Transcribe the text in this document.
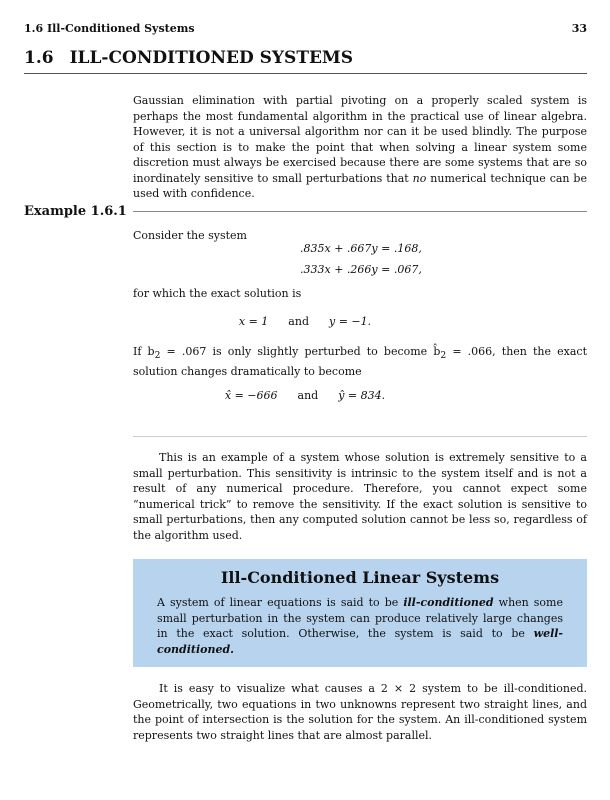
1.6 Ill-Conditioned Systems	33
1.6 ILL-CONDITIONED SYSTEMS
Gaussian elimination with partial pivoting on a properly scaled system is perhaps the most fundamental algorithm in the practical use of linear algebra. However, it is not a universal algorithm nor can it be used blindly. The purpose of this section is to make the point that when solving a linear system some discretion must always be exercised because there are some systems that are so inordinately sensitive to small perturbations that no numerical technique can be used with confidence.
Example 1.6.1
Consider the system
.835x + .667y = .168,
.333x + .266y = .067,
for which the exact solution is
x = 1 and y = −1.
If $b_2 = .067$ is only slightly perturbed to become $b̂_2 = .066$, then the exact solution changes dramatically to become
x̂ = −666 and ŷ = 834.
This is an example of a system whose solution is extremely sensitive to a small perturbation. This sensitivity is intrinsic to the system itself and is not a result of any numerical procedure. Therefore, you cannot expect some “numerical trick” to remove the sensitivity. If the exact solution is sensitive to small perturbations, then any computed solution cannot be less so, regardless of the algorithm used.
Ill-Conditioned Linear Systems

A system of linear equations is said to be ill-conditioned when some small perturbation in the system can produce relatively large changes in the exact solution. Otherwise, the system is said to be well-conditioned.

It is easy to visualize what causes a 2 × 2 system to be ill-conditioned. Geometrically, two equations in two unknowns represent two straight lines, and the point of intersection is the solution for the system. An ill-conditioned system represents two straight lines that are almost parallel.
